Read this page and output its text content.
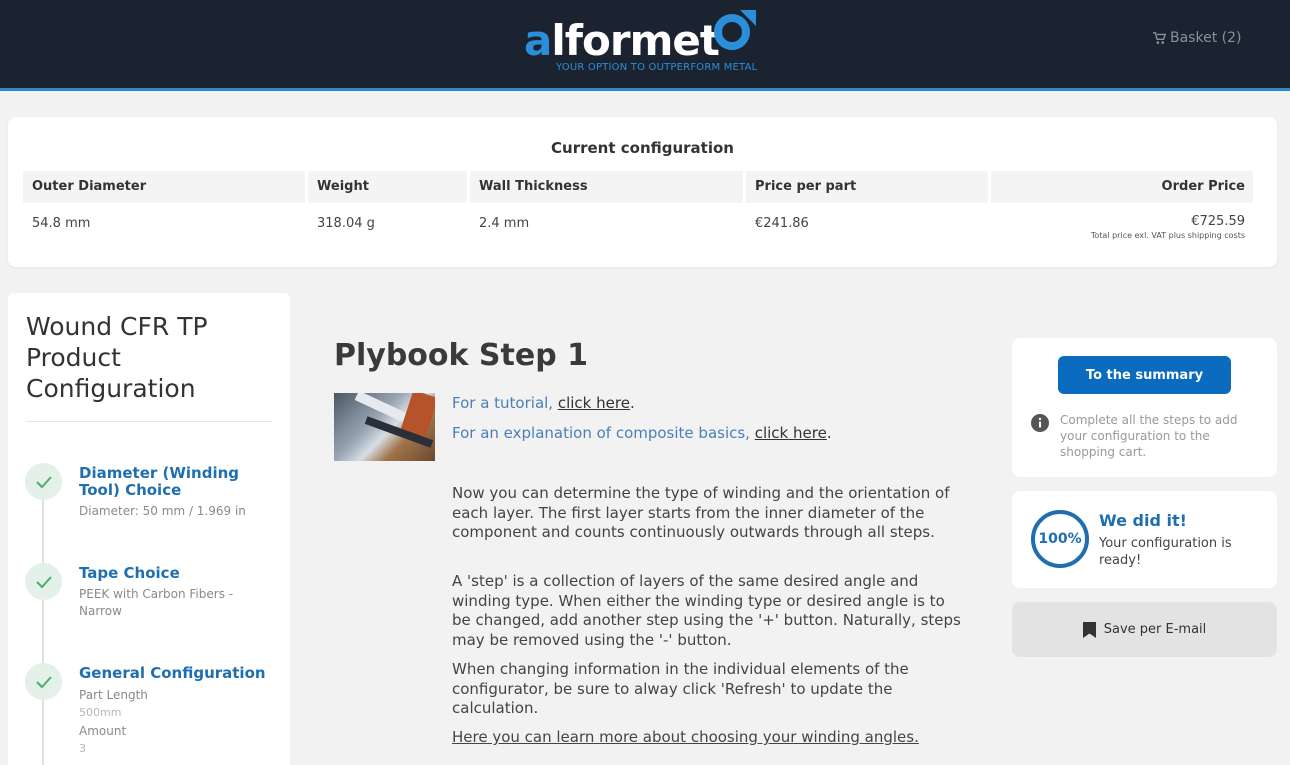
alformet
YOUR OPTION TO OUTPERFORM METAL
Basket (2)
Current configuration
Outer Diameter	Weight	Wall Thickness	Price per part	Order Price
54.8 mm	318.04 g	2.4 mm	€241.86	€725.59
Total price exl. VAT plus shipping costs
Wound CFR TP Product Configuration
Diameter (Winding Tool) Choice
Diameter: 50 mm / 1.969 in
Tape Choice
PEEK with Carbon Fibers - Narrow
General Configuration
Part Length
500mm
Amount
3
Plybook Step 1
For a tutorial, click here.
For an explanation of composite basics, click here.

Now you can determine the type of winding and the orientation of each layer. The first layer starts from the inner diameter of the component and counts continuously outwards through all steps.

A 'step' is a collection of layers of the same desired angle and winding type. When either the winding type or desired angle is to be changed, add another step using the '+' button. Naturally, steps may be removed using the '-' button.

When changing information in the individual elements of the configurator, be sure to alway click 'Refresh' to update the calculation.

Here you can learn more about choosing your winding angles.
To the summary
Complete all the steps to add your configuration to the shopping cart.
100%
We did it!
Your configuration is ready!
Save per E-mail
